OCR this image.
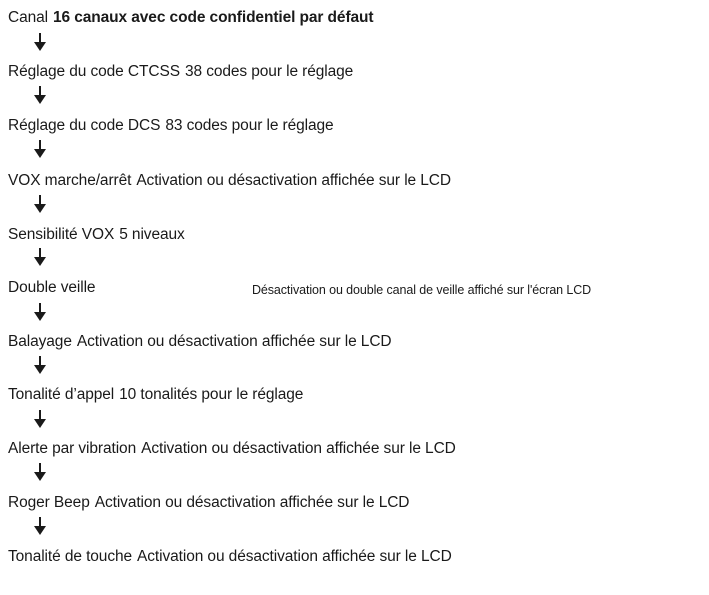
Canal 16 canaux avec code confidentiel par défaut
Réglage du code CTCSS 38 codes pour le réglage
Réglage du code DCS 83 codes pour le réglage
VOX marche/arrêt Activation ou désactivation affichée sur le LCD
Sensibilité VOX 5 niveaux
Double veille	Désactivation ou double canal de veille affiché sur l'écran LCD
Balayage Activation ou désactivation affichée sur le LCD
Tonalité d’appel 10 tonalités pour le réglage
Alerte par vibration Activation ou désactivation affichée sur le LCD
Roger Beep Activation ou désactivation affichée sur le LCD
Tonalité de touche Activation ou désactivation affichée sur le LCD
